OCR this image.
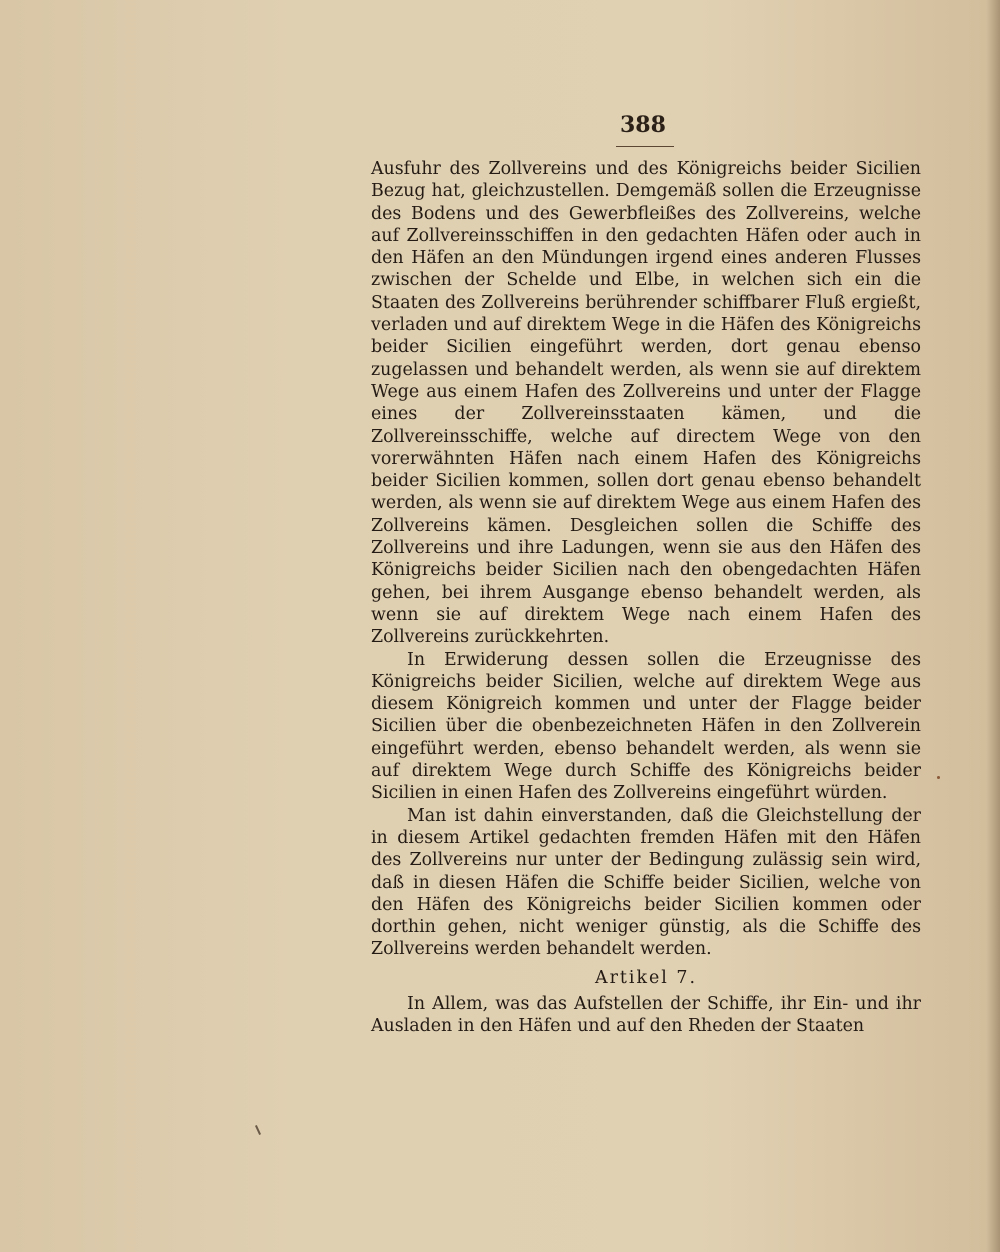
388

Ausfuhr des Zollvereins und des Königreichs beider Sicilien Bezug hat, gleichzustellen. Demgemäß sollen die Erzeugnisse des Bodens und des Gewerbfleißes des Zollvereins, welche auf Zollvereinsschiffen in den gedachten Häfen oder auch in den Häfen an den Mündungen irgend eines anderen Flusses zwischen der Schelde und Elbe, in welchen sich ein die Staaten des Zollvereins berührender schiffbarer Fluß ergießt, verladen und auf direktem Wege in die Häfen des Königreichs beider Sicilien eingeführt werden, dort genau ebenso zugelassen und behandelt werden, als wenn sie auf direktem Wege aus einem Hafen des Zollvereins und unter der Flagge eines der Zollvereinsstaaten kämen, und die Zollvereinsschiffe, welche auf directem Wege von den vorerwähnten Häfen nach einem Hafen des Königreichs beider Sicilien kommen, sollen dort genau ebenso behandelt werden, als wenn sie auf direktem Wege aus einem Hafen des Zollvereins kämen. Desgleichen sollen die Schiffe des Zollvereins und ihre Ladungen, wenn sie aus den Häfen des Königreichs beider Sicilien nach den obengedachten Häfen gehen, bei ihrem Ausgange ebenso behandelt werden, als wenn sie auf direktem Wege nach einem Hafen des Zollvereins zurückkehrten.

In Erwiderung dessen sollen die Erzeugnisse des Königreichs beider Sicilien, welche auf direktem Wege aus diesem Königreich kommen und unter der Flagge beider Sicilien über die obenbezeichneten Häfen in den Zollverein eingeführt werden, ebenso behandelt werden, als wenn sie auf direktem Wege durch Schiffe des Königreichs beider Sicilien in einen Hafen des Zollvereins eingeführt würden.

Man ist dahin einverstanden, daß die Gleichstellung der in diesem Artikel gedachten fremden Häfen mit den Häfen des Zollvereins nur unter der Bedingung zulässig sein wird, daß in diesen Häfen die Schiffe beider Sicilien, welche von den Häfen des Königreichs beider Sicilien kommen oder dorthin gehen, nicht weniger günstig, als die Schiffe des Zollvereins werden behandelt werden.

Artikel 7.

In Allem, was das Aufstellen der Schiffe, ihr Ein- und ihr Ausladen in den Häfen und auf den Rheden der Staaten
